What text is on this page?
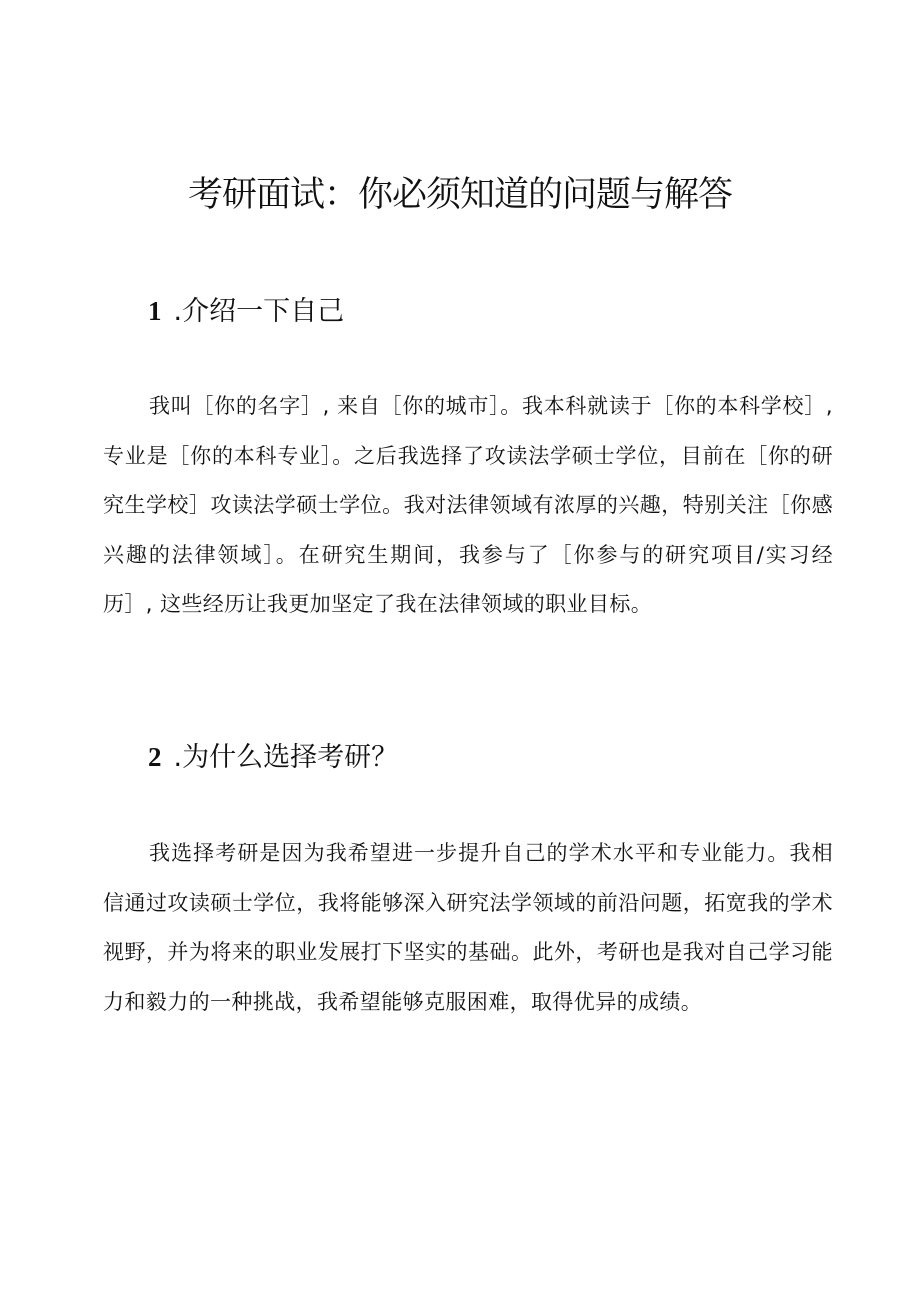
考研面试：你必须知道的问题与解答
1 .介绍一下自己

我叫［你的名字］, 来自［你的城市］。我本科就读于［你的本科学校］, 专业是［你的本科专业］。之后我选择了攻读法学硕士学位，目前在［你的研究生学校］攻读法学硕士学位。我对法律领域有浓厚的兴趣，特别关注［你感兴趣的法律领域］。在研究生期间，我参与了［你参与的研究项目/实习经历］, 这些经历让我更加坚定了我在法律领域的职业目标。

2 .为什么选择考研？

我选择考研是因为我希望进一步提升自己的学术水平和专业能力。我相信通过攻读硕士学位，我将能够深入研究法学领域的前沿问题，拓宽我的学术视野，并为将来的职业发展打下坚实的基础。此外，考研也是我对自己学习能力和毅力的一种挑战，我希望能够克服困难，取得优异的成绩。
